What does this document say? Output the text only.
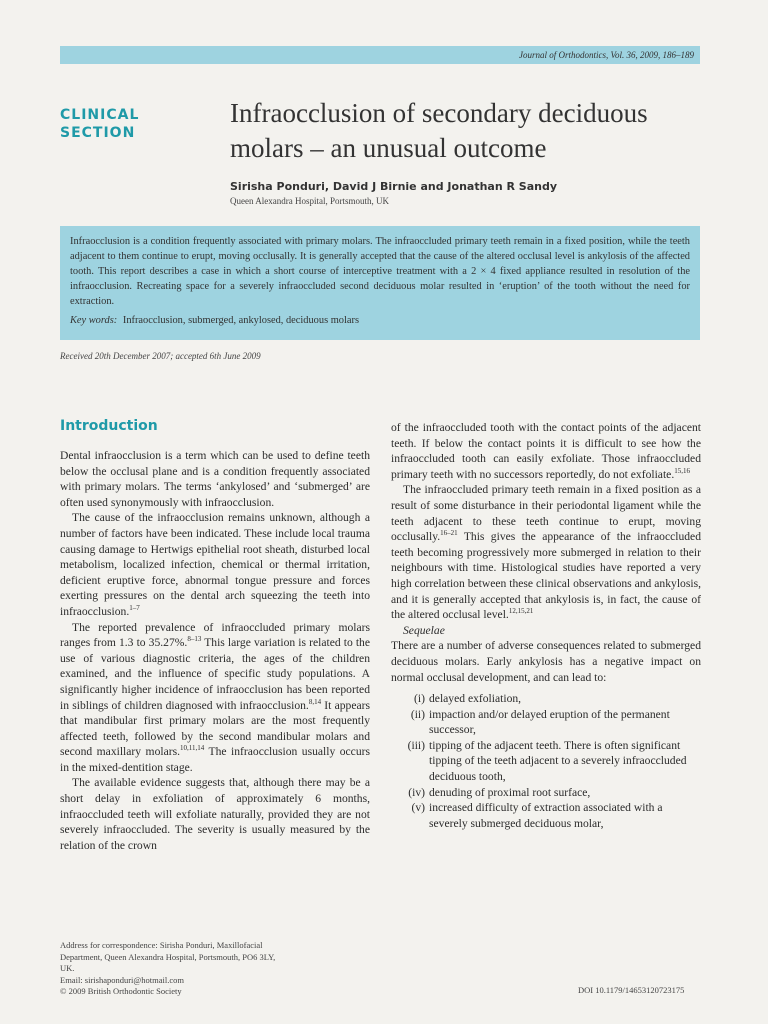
Journal of Orthodontics, Vol. 36, 2009, 186–189
CLINICAL
SECTION
Infraocclusion of secondary deciduous molars – an unusual outcome
Sirisha Ponduri, David J Birnie and Jonathan R Sandy
Queen Alexandra Hospital, Portsmouth, UK
Infraocclusion is a condition frequently associated with primary molars. The infraoccluded primary teeth remain in a fixed position, while the teeth adjacent to them continue to erupt, moving occlusally. It is generally accepted that the cause of the altered occlusal level is ankylosis of the affected tooth. This report describes a case in which a short course of interceptive treatment with a 2 × 4 fixed appliance resulted in resolution of the infraocclusion. Recreating space for a severely infraoccluded second deciduous molar resulted in ‘eruption’ of the tooth without the need for extraction.
Key words: Infraocclusion, submerged, ankylosed, deciduous molars
Received 20th December 2007; accepted 6th June 2009
Introduction

Dental infraocclusion is a term which can be used to define teeth below the occlusal plane and is a condition frequently associated with primary molars. The terms ‘ankylosed’ and ‘submerged’ are often used synonymously with infraocclusion.

The cause of the infraocclusion remains unknown, although a number of factors have been indicated. These include local trauma causing damage to Hertwigs epithelial root sheath, disturbed local metabolism, localized infection, chemical or thermal irritation, deficient eruptive force, abnormal tongue pressure and forces exerting pressures on the dental arch squeezing the teeth into infraocclusion.$^{1-7}$

The reported prevalence of infraoccluded primary molars ranges from 1.3 to 35.27%.$^{8-13}$ This large variation is related to the use of various diagnostic criteria, the ages of the children examined, and the influence of specific study populations. A significantly higher incidence of infraocclusion has been reported in siblings of children diagnosed with infraocclusion.$^{8,14}$ It appears that mandibular first primary molars are the most frequently affected teeth, followed by the second mandibular molars and second maxillary molars.$^{10,11,14}$ The infraocclusion usually occurs in the mixed-dentition stage.

The available evidence suggests that, although there may be a short delay in exfoliation of approximately 6 months, infraoccluded teeth will exfoliate naturally, provided they are not severely infraoccluded. The severity is usually measured by the relation of the crown

of the infraoccluded tooth with the contact points of the adjacent teeth. If below the contact points it is difficult to see how the infraoccluded tooth can easily exfoliate. Those infraoccluded primary teeth with no successors reportedly, do not exfoliate.$^{15,16}$

The infraoccluded primary teeth remain in a fixed position as a result of some disturbance in their periodontal ligament while the teeth adjacent to these teeth continue to erupt, moving occlusally.$^{16-21}$ This gives the appearance of the infraoccluded teeth becoming progressively more submerged in relation to their neighbours with time. Histological studies have reported a very high correlation between these clinical observations and ankylosis, and it is generally accepted that ankylosis is, in fact, the cause of the altered occlusal level.$^{12,15,21}$

Sequelae

There are a number of adverse consequences related to submerged deciduous molars. Early ankylosis has a negative impact on normal occlusal development, and can lead to:

(i) delayed exfoliation,
(ii) impaction and/or delayed eruption of the permanent successor,
(iii) tipping of the adjacent teeth. There is often significant tipping of the teeth adjacent to a severely infraoccluded deciduous tooth,
(iv) denuding of proximal root surface,
(v) increased difficulty of extraction associated with a severely submerged deciduous molar,
Address for correspondence: Sirisha Ponduri, Maxillofacial
Department, Queen Alexandra Hospital, Portsmouth, PO6 3LY,
UK.
Email: sirishaponduri@hotmail.com
© 2009 British Orthodontic Society	DOI 10.1179/14653120723175
